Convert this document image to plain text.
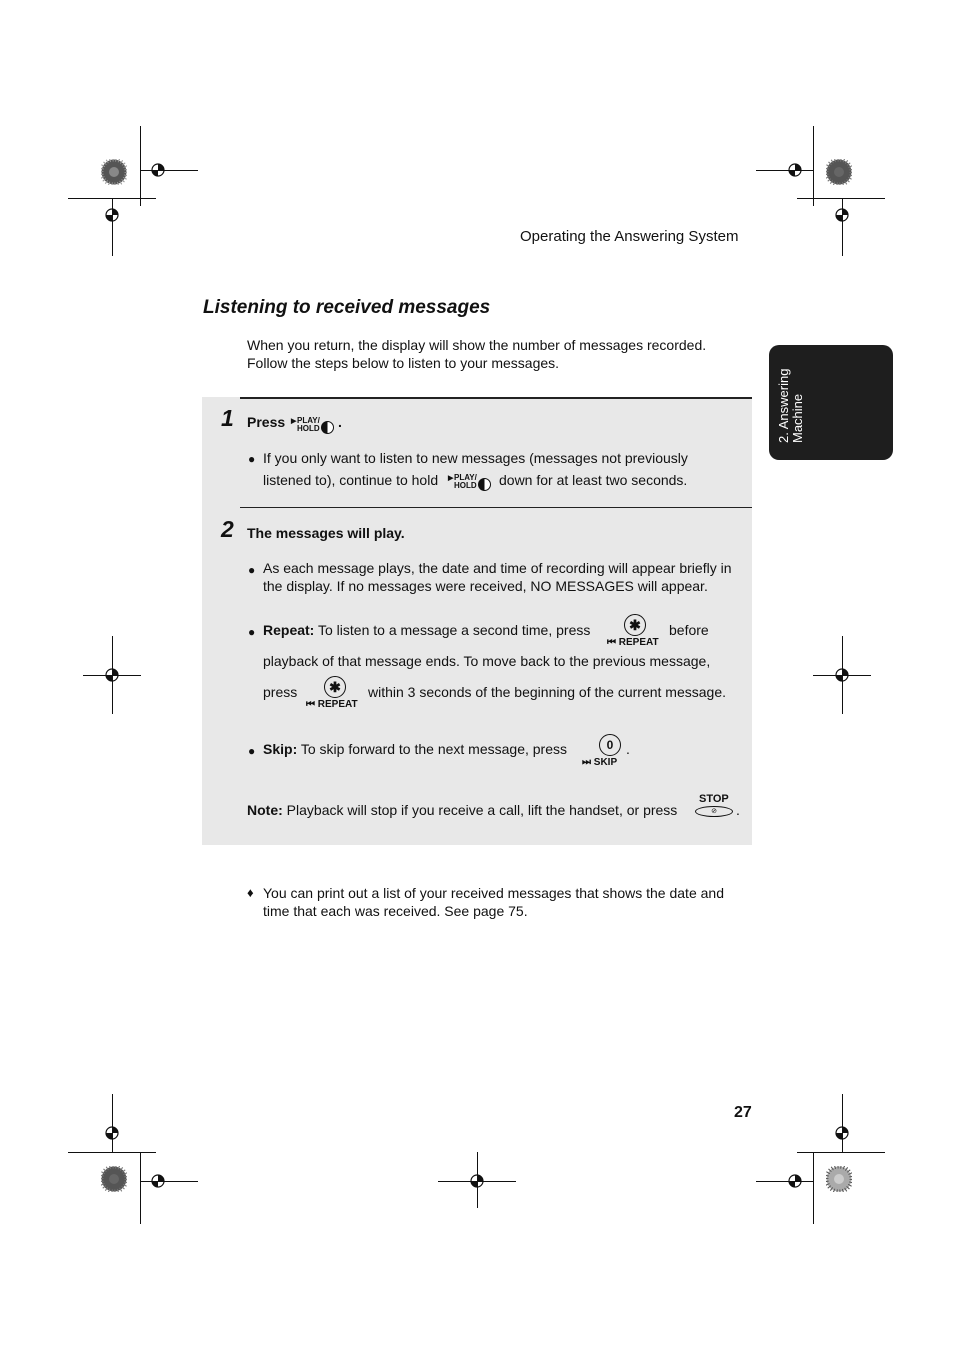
Operating the Answering System
2. Answering Machine
Listening to received messages
When you return, the display will show the number of messages recorded. Follow the steps below to listen to your messages.
1 Press ▶ PLAY/
HOLD .
● If you only want to listen to new messages (messages not previously
listened to), continue to hold ▶ PLAY/
HOLD down for at least two seconds.
2 The messages will play.
● As each message plays, the date and time of recording will appear briefly in the display. If no messages were received, NO MESSAGES will appear.
● Repeat: To listen to a message a second time, press	✱
⏮ REPEAT
before
playback of that message ends. To move back to the previous message,
press	✱
⏮ REPEAT
within 3 seconds of the beginning of the current message.
● Skip: To skip forward to the next message, press	0
⏭ SKIP
.
Note: Playback will stop if you receive a call, lift the handset, or press
STOP
⊘	.
♦ You can print out a list of your received messages that shows the date and time that each was received. See page 75.
27
